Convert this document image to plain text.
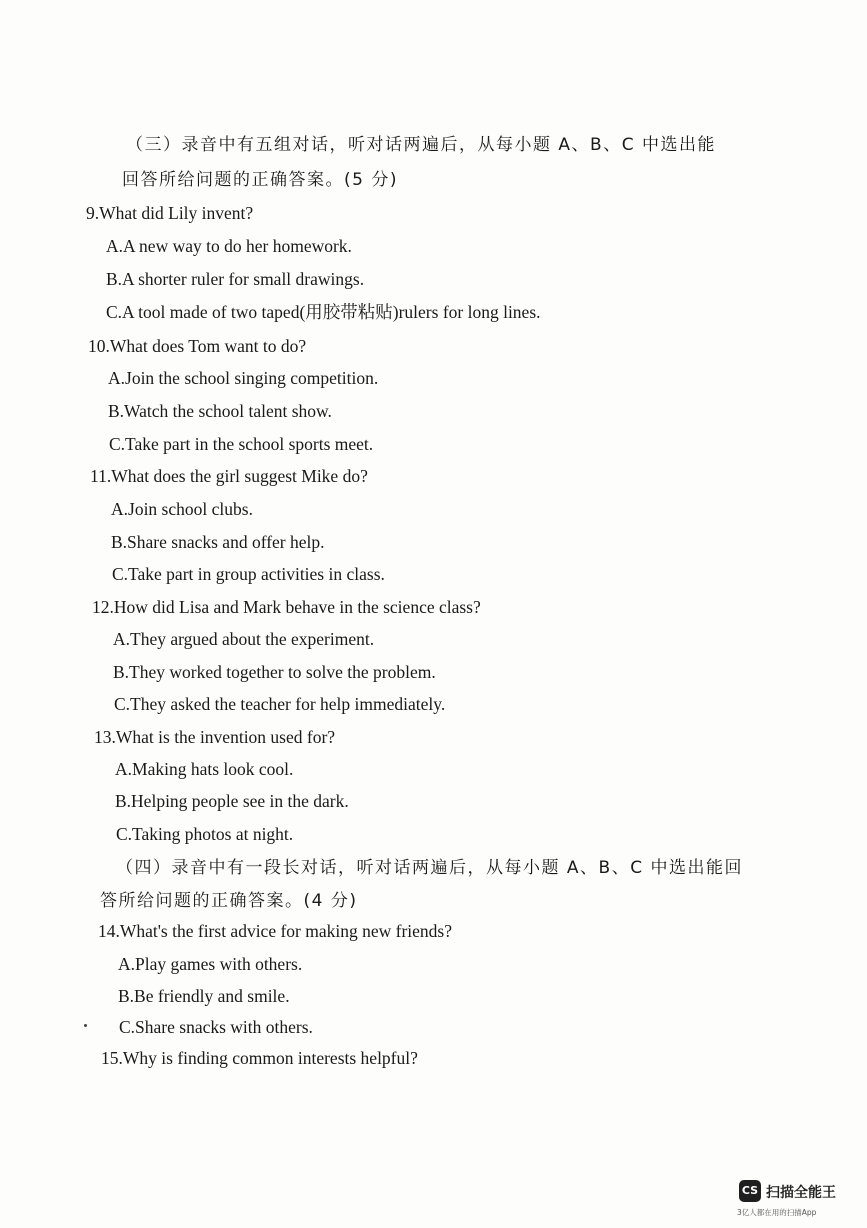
（三）录音中有五组对话，听对话两遍后，从每小题 A、B、C 中选出能
回答所给问题的正确答案。(5 分)
9.What did Lily invent?
A.A new way to do her homework.
B.A shorter ruler for small drawings.
C.A tool made of two taped(用胶带粘贴)rulers for long lines.
10.What does Tom want to do?
A.Join the school singing competition.
B.Watch the school talent show.
C.Take part in the school sports meet.
11.What does the girl suggest Mike do?
A.Join school clubs.
B.Share snacks and offer help.
C.Take part in group activities in class.
12.How did Lisa and Mark behave in the science class?
A.They argued about the experiment.
B.They worked together to solve the problem.
C.They asked the teacher for help immediately.
13.What is the invention used for?
A.Making hats look cool.
B.Helping people see in the dark.
C.Taking photos at night.
（四）录音中有一段长对话，听对话两遍后，从每小题 A、B、C 中选出能回
答所给问题的正确答案。(4 分)
14.What's the first advice for making new friends?
A.Play games with others.
B.Be friendly and smile.
C.Share snacks with others.
15.Why is finding common interests helpful?
CS 扫描全能王
3亿人都在用的扫描App
